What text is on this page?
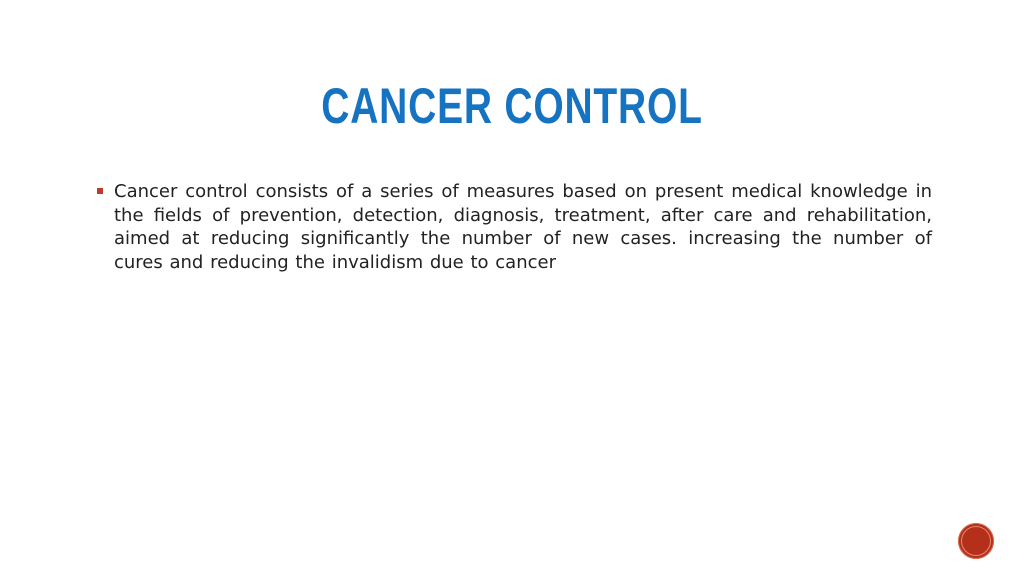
CANCER CONTROL

Cancer control consists of a series of measures based on present medical knowledge in the fields of prevention, detection, diagnosis, treatment, after care and rehabilitation, aimed at reducing significantly the number of new cases. increasing the number of cures and reducing the invalidism due to cancer
